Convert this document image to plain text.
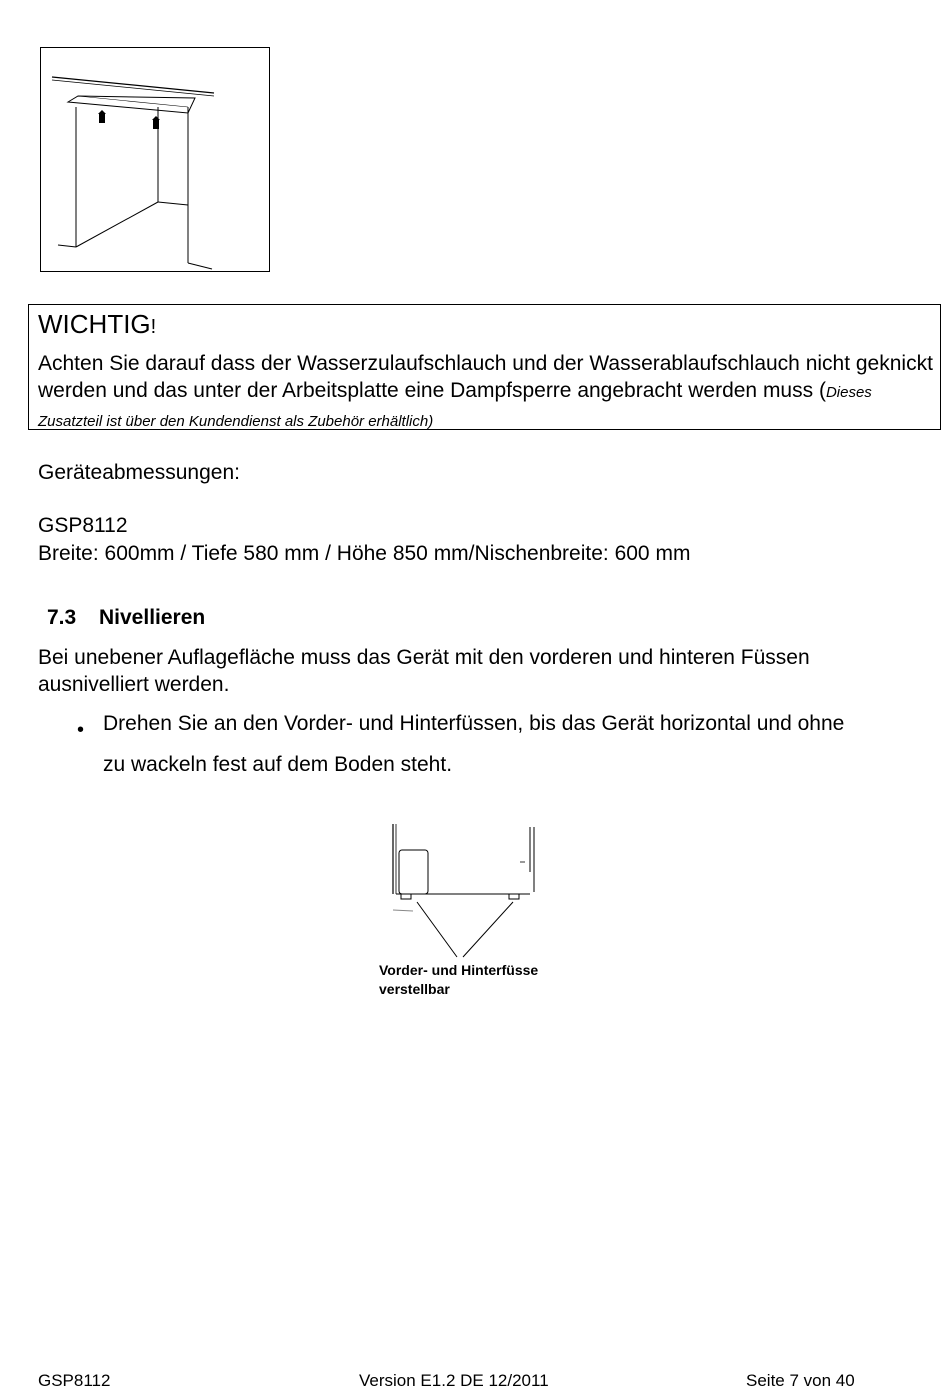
WICHTIG!
Achten Sie darauf dass der Wasserzulaufschlauch und der Wasserablaufschlauch nicht geknickt werden und das unter der Arbeitsplatte eine Dampfsperre angebracht werden muss (Dieses Zusatzteil ist über den Kundendienst als Zubehör erhältlich)
Geräteabmessungen:
GSP8112
Breite: 600mm / Tiefe 580 mm / Höhe 850 mm/Nischenbreite: 600 mm
7.3 Nivellieren
Bei unebener Auflagefläche muss das Gerät mit den vorderen und hinteren Füssen
ausnivelliert werden.
• Drehen Sie an den Vorder- und Hinterfüssen, bis das Gerät horizontal und ohne
zu wackeln fest auf dem Boden steht.
Vorder- und Hinterfüsse
verstellbar
GSP8112	Version E1.2 DE 12/2011	Seite 7 von 40
